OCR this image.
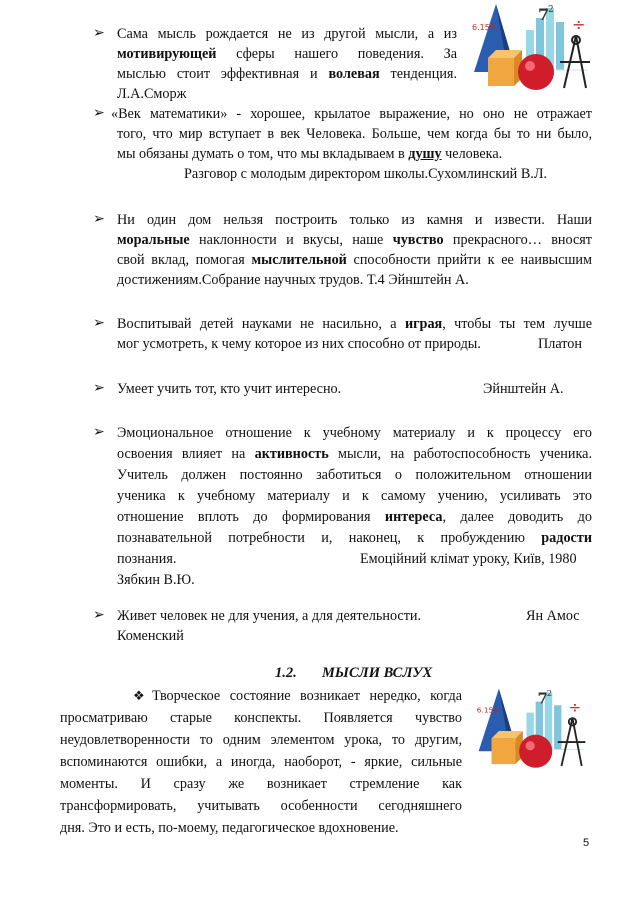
7
2
÷
6.15%
➢ Сама мысль рождается не из другой мысли, а из
мотивирующей сферы нашего поведения. За
мыслью стоит эффективная и волевая тенденция.
Л.А.Сморж
➢ «Век математики» - хорошее, крылатое выражение, но оно не отражает
того, что мир вступает в век Человека. Больше, чем когда бы то ни было,
мы обязаны думать о том, что мы вкладываем в душу человека.
Разговор с молодым директором школы.Сухомлинский В.Л.
➢ Ни один дом нельзя построить только из камня и извести. Наши
моральные наклонности и вкусы, наше чувство прекрасного… вносят
свой вклад, помогая мыслительной способности прийти к ее наивысшим
достижениям.Собрание научных трудов. Т.4 Эйнштейн А.
➢ Воспитывай детей науками не насильно, а играя, чтобы ты тем лучше
мог усмотреть, к чему которое из них способно от природы.	Платон
➢ Умеет учить тот, кто учит интересно.	Эйнштейн А.
➢ Эмоциональное отношение к учебному материалу и к процессу его
освоения влияет на активность мысли, на работоспособность ученика.
Учитель должен постоянно заботиться о положительном отношении
ученика к учебному материалу и к самому учению, усиливать это
отношение вплоть до формирования интереса, далее доводить до
познавательной потребности и, наконец, к пробуждению радости
познания.	Емоційний клімат уроку, Київ, 1980
Зябкин В.Ю.
➢ Живет человек не для учения, а для деятельности.	Ян Амос
Коменский
1.2. МЫСЛИ ВСЛУХ
❖ Творческое состояние возникает нередко, когда
просматриваю старые конспекты. Появляется чувство
неудовлетворенности то одним элементом урока, то другим,
вспоминаются ошибки, а иногда, наоборот, - яркие, сильные
моменты. И сразу же возникает стремление как
трансформировать, учитывать особенности сегодняшнего
дня. Это и есть, по-моему, педагогическое вдохновение.
7
2
÷
6.15%
5
